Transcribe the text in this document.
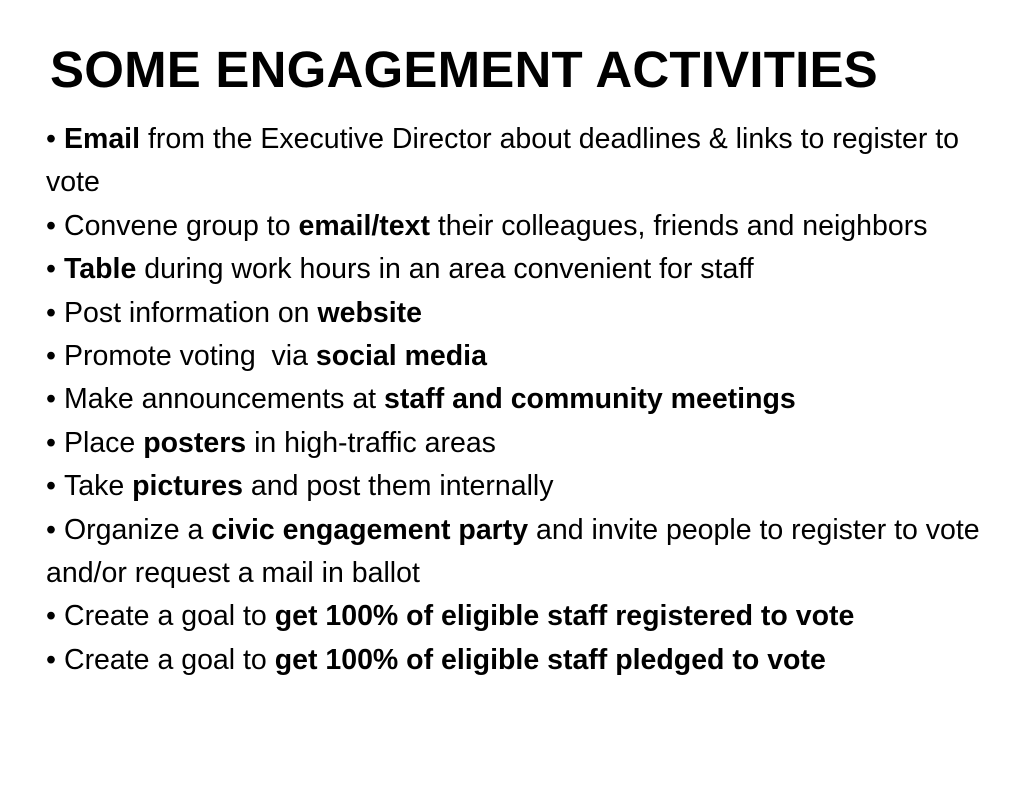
SOME ENGAGEMENT ACTIVITIES
• Email from the Executive Director about deadlines & links to register to vote
• Convene group to email/text their colleagues, friends and neighbors
• Table during work hours in an area convenient for staff
• Post information on website
• Promote voting  via social media
• Make announcements at staff and community meetings
• Place posters in high-traffic areas
• Take pictures and post them internally
• Organize a civic engagement party and invite people to register to vote and/or request a mail in ballot
• Create a goal to get 100% of eligible staff registered to vote
• Create a goal to get 100% of eligible staff pledged to vote
